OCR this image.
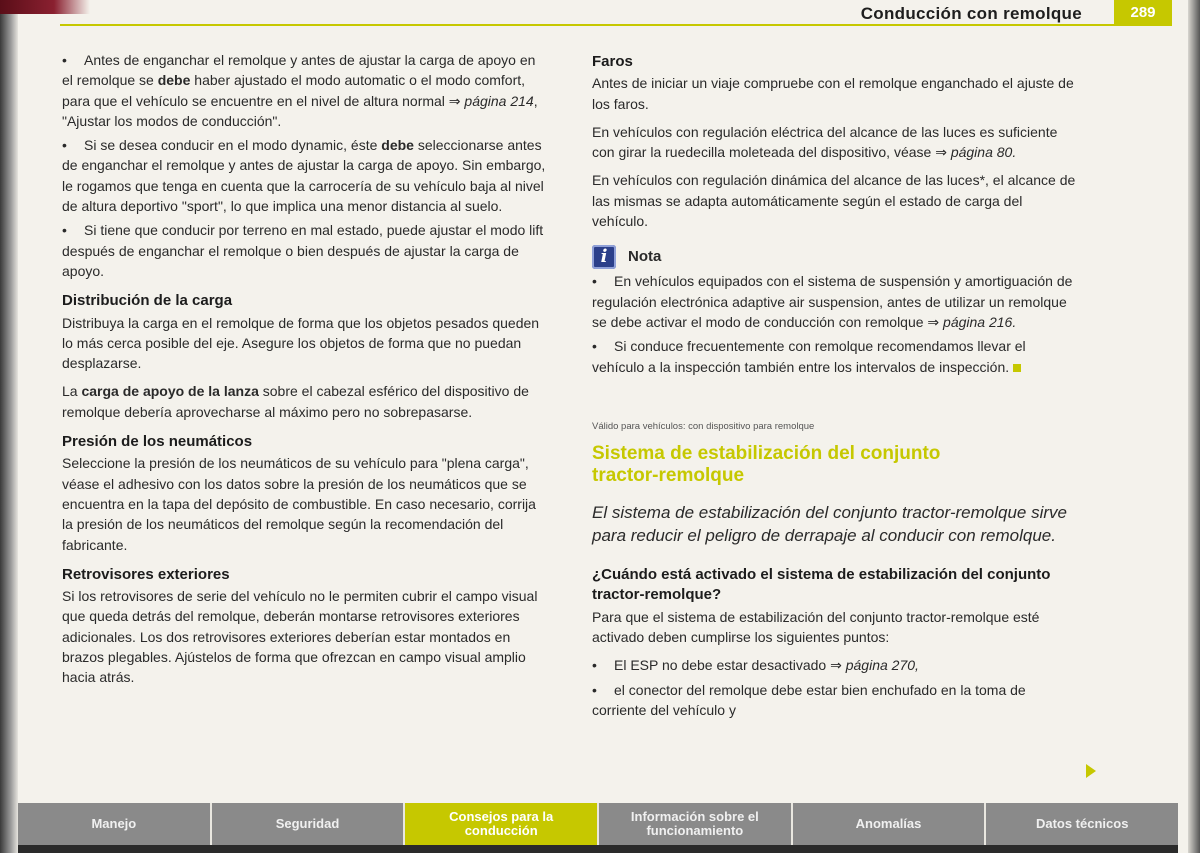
Conducción con remolque	289

• Antes de enganchar el remolque y antes de ajustar la carga de apoyo en el remolque se debe haber ajustado el modo automatic o el modo comfort, para que el vehículo se encuentre en el nivel de altura normal ⇒ página 214, "Ajustar los modos de conducción".

• Si se desea conducir en el modo dynamic, éste debe seleccionarse antes de enganchar el remolque y antes de ajustar la carga de apoyo. Sin embargo, le rogamos que tenga en cuenta que la carrocería de su vehículo baja al nivel de altura deportivo "sport", lo que implica una menor distancia al suelo.

• Si tiene que conducir por terreno en mal estado, puede ajustar el modo lift después de enganchar el remolque o bien después de ajustar la carga de apoyo.

Distribución de la carga

Distribuya la carga en el remolque de forma que los objetos pesados queden lo más cerca posible del eje. Asegure los objetos de forma que no puedan desplazarse.

La carga de apoyo de la lanza sobre el cabezal esférico del dispositivo de remolque debería aprovecharse al máximo pero no sobrepasarse.

Presión de los neumáticos

Seleccione la presión de los neumáticos de su vehículo para "plena carga", véase el adhesivo con los datos sobre la presión de los neumáticos que se encuentra en la tapa del depósito de combustible. En caso necesario, corrija la presión de los neumáticos del remolque según la recomendación del fabricante.

Retrovisores exteriores

Si los retrovisores de serie del vehículo no le permiten cubrir el campo visual que queda detrás del remolque, deberán montarse retrovisores exteriores adicionales. Los dos retrovisores exteriores deberían estar montados en brazos plegables. Ajústelos de forma que ofrezcan en campo visual amplio hacia atrás.

Faros

Antes de iniciar un viaje compruebe con el remolque enganchado el ajuste de los faros.

En vehículos con regulación eléctrica del alcance de las luces es suficiente con girar la ruedecilla moleteada del dispositivo, véase ⇒ página 80.

En vehículos con regulación dinámica del alcance de las luces*, el alcance de las mismas se adapta automáticamente según el estado de carga del vehículo.

i	Nota

• En vehículos equipados con el sistema de suspensión y amortiguación de regulación electrónica adaptive air suspension, antes de utilizar un remolque se debe activar el modo de conducción con remolque ⇒ página 216.

• Si conduce frecuentemente con remolque recomendamos llevar el vehículo a la inspección también entre los intervalos de inspección.

Válido para vehículos: con dispositivo para remolque
Sistema de estabilización del conjunto
tractor-remolque

El sistema de estabilización del conjunto tractor-remolque sirve para reducir el peligro de derrapaje al conducir con remolque.

¿Cuándo está activado el sistema de estabilización del conjunto tractor-remolque?

Para que el sistema de estabilización del conjunto tractor-remolque esté activado deben cumplirse los siguientes puntos:

• El ESP no debe estar desactivado ⇒ página 270,

• el conector del remolque debe estar bien enchufado en la toma de corriente del vehículo y

Manejo	Seguridad	Consejos para la conducción
Información sobre el funcionamiento	Anomalías	Datos técnicos
